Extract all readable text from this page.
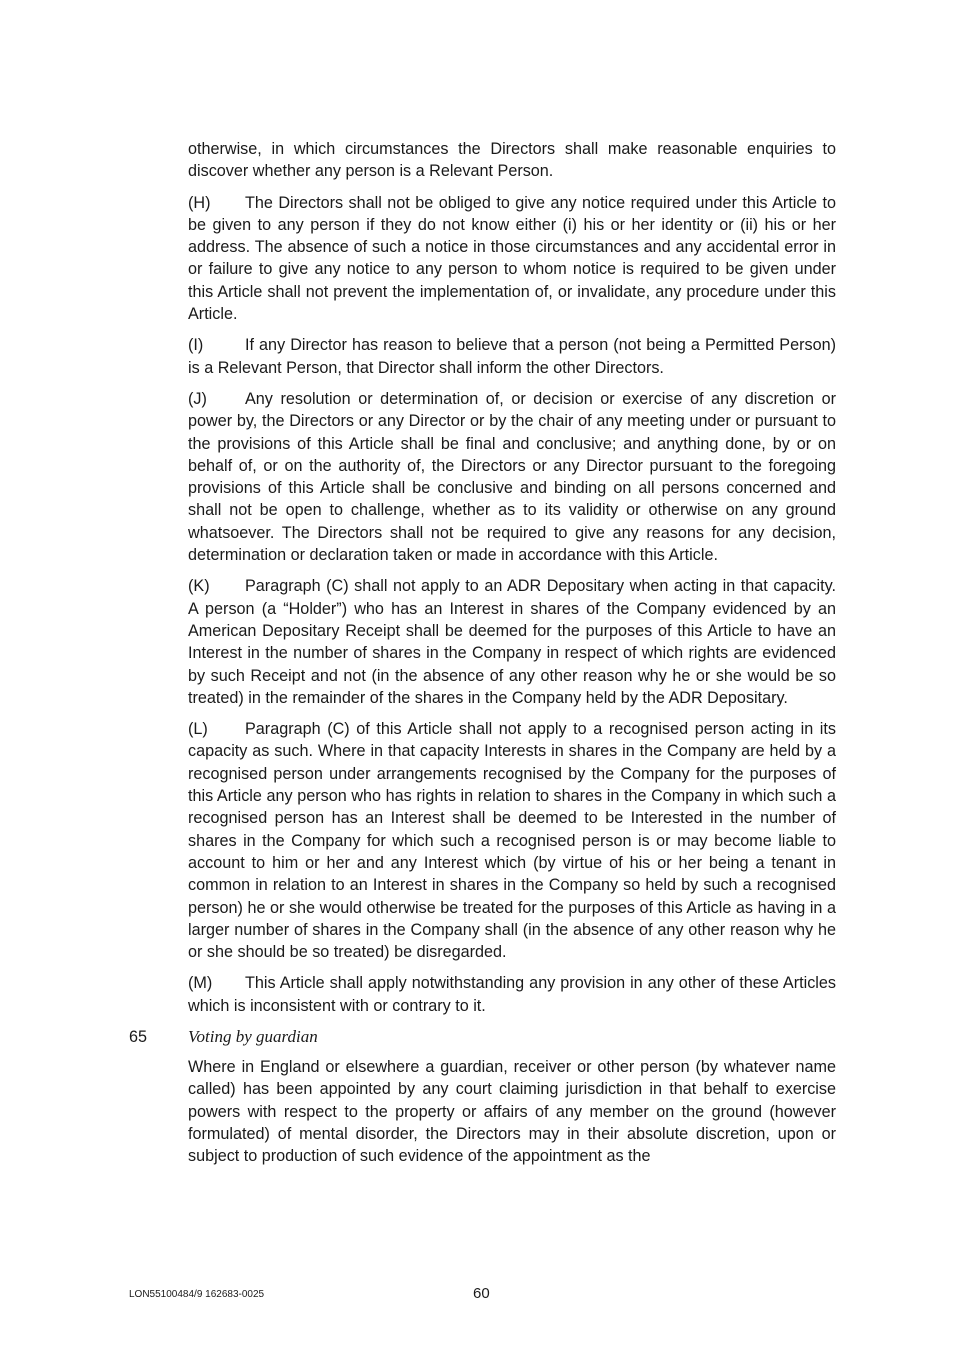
otherwise, in which circumstances the Directors shall make reasonable enquiries to discover whether any person is a Relevant Person.

(H) The Directors shall not be obliged to give any notice required under this Article to be given to any person if they do not know either (i) his or her identity or (ii) his or her address. The absence of such a notice in those circumstances and any accidental error in or failure to give any notice to any person to whom notice is required to be given under this Article shall not prevent the implementation of, or invalidate, any procedure under this Article.

(I)	If any Director has reason to believe that a person (not being a Permitted Person) is a Relevant Person, that Director shall inform the other Directors.

(J) Any resolution or determination of, or decision or exercise of any discretion or power by, the Directors or any Director or by the chair of any meeting under or pursuant to the provisions of this Article shall be final and conclusive; and anything done, by or on behalf of, or on the authority of, the Directors or any Director pursuant to the foregoing provisions of this Article shall be conclusive and binding on all persons concerned and shall not be open to challenge, whether as to its validity or otherwise on any ground whatsoever. The Directors shall not be required to give any reasons for any decision, determination or declaration taken or made in accordance with this Article.

(K) Paragraph (C) shall not apply to an ADR Depositary when acting in that capacity. A person (a “Holder”) who has an Interest in shares of the Company evidenced by an American Depositary Receipt shall be deemed for the purposes of this Article to have an Interest in the number of shares in the Company in respect of which rights are evidenced by such Receipt and not (in the absence of any other reason why he or she would be so treated) in the remainder of the shares in the Company held by the ADR Depositary.

(L) Paragraph (C) of this Article shall not apply to a recognised person acting in its capacity as such. Where in that capacity Interests in shares in the Company are held by a recognised person under arrangements recognised by the Company for the purposes of this Article any person who has rights in relation to shares in the Company in which such a recognised person has an Interest shall be deemed to be Interested in the number of shares in the Company for which such a recognised person is or may become liable to account to him or her and any Interest which (by virtue of his or her being a tenant in common in relation to an Interest in shares in the Company so held by such a recognised person) he or she would otherwise be treated for the purposes of this Article as having in a larger number of shares in the Company shall (in the absence of any other reason why he or she should be so treated) be disregarded.

(M) This Article shall apply notwithstanding any provision in any other of these Articles which is inconsistent with or contrary to it.

65 Voting by guardian

Where in England or elsewhere a guardian, receiver or other person (by whatever name called) has been appointed by any court claiming jurisdiction in that behalf to exercise powers with respect to the property or affairs of any member on the ground (however formulated) of mental disorder, the Directors may in their absolute discretion, upon or subject to production of such evidence of the appointment as the

LON55100484/9 162683-0025	60
